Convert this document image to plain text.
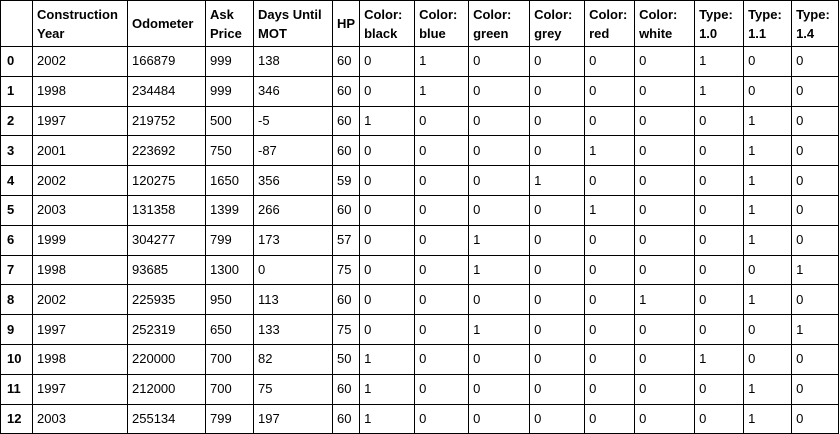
	Construction Year	Odometer	Ask Price	Days Until MOT	HP	Color: black	Color: blue	Color: green	Color: grey	Color: red	Color: white	Type: 1.0	Type: 1.1	Type: 1.4
0	2002	166879	999	138	60	0	1	0	0	0	0	1	0	0
1	1998	234484	999	346	60	0	1	0	0	0	0	1	0	0
2	1997	219752	500	-5	60	1	0	0	0	0	0	0	1	0
3	2001	223692	750	-87	60	0	0	0	0	1	0	0	1	0
4	2002	120275	1650	356	59	0	0	0	1	0	0	0	1	0
5	2003	131358	1399	266	60	0	0	0	0	1	0	0	1	0
6	1999	304277	799	173	57	0	0	1	0	0	0	0	1	0
7	1998	93685	1300	0	75	0	0	1	0	0	0	0	0	1
8	2002	225935	950	113	60	0	0	0	0	0	1	0	1	0
9	1997	252319	650	133	75	0	0	1	0	0	0	0	0	1
10	1998	220000	700	82	50	1	0	0	0	0	0	1	0	0
11	1997	212000	700	75	60	1	0	0	0	0	0	0	1	0
12	2003	255134	799	197	60	1	0	0	0	0	0	0	1	0
